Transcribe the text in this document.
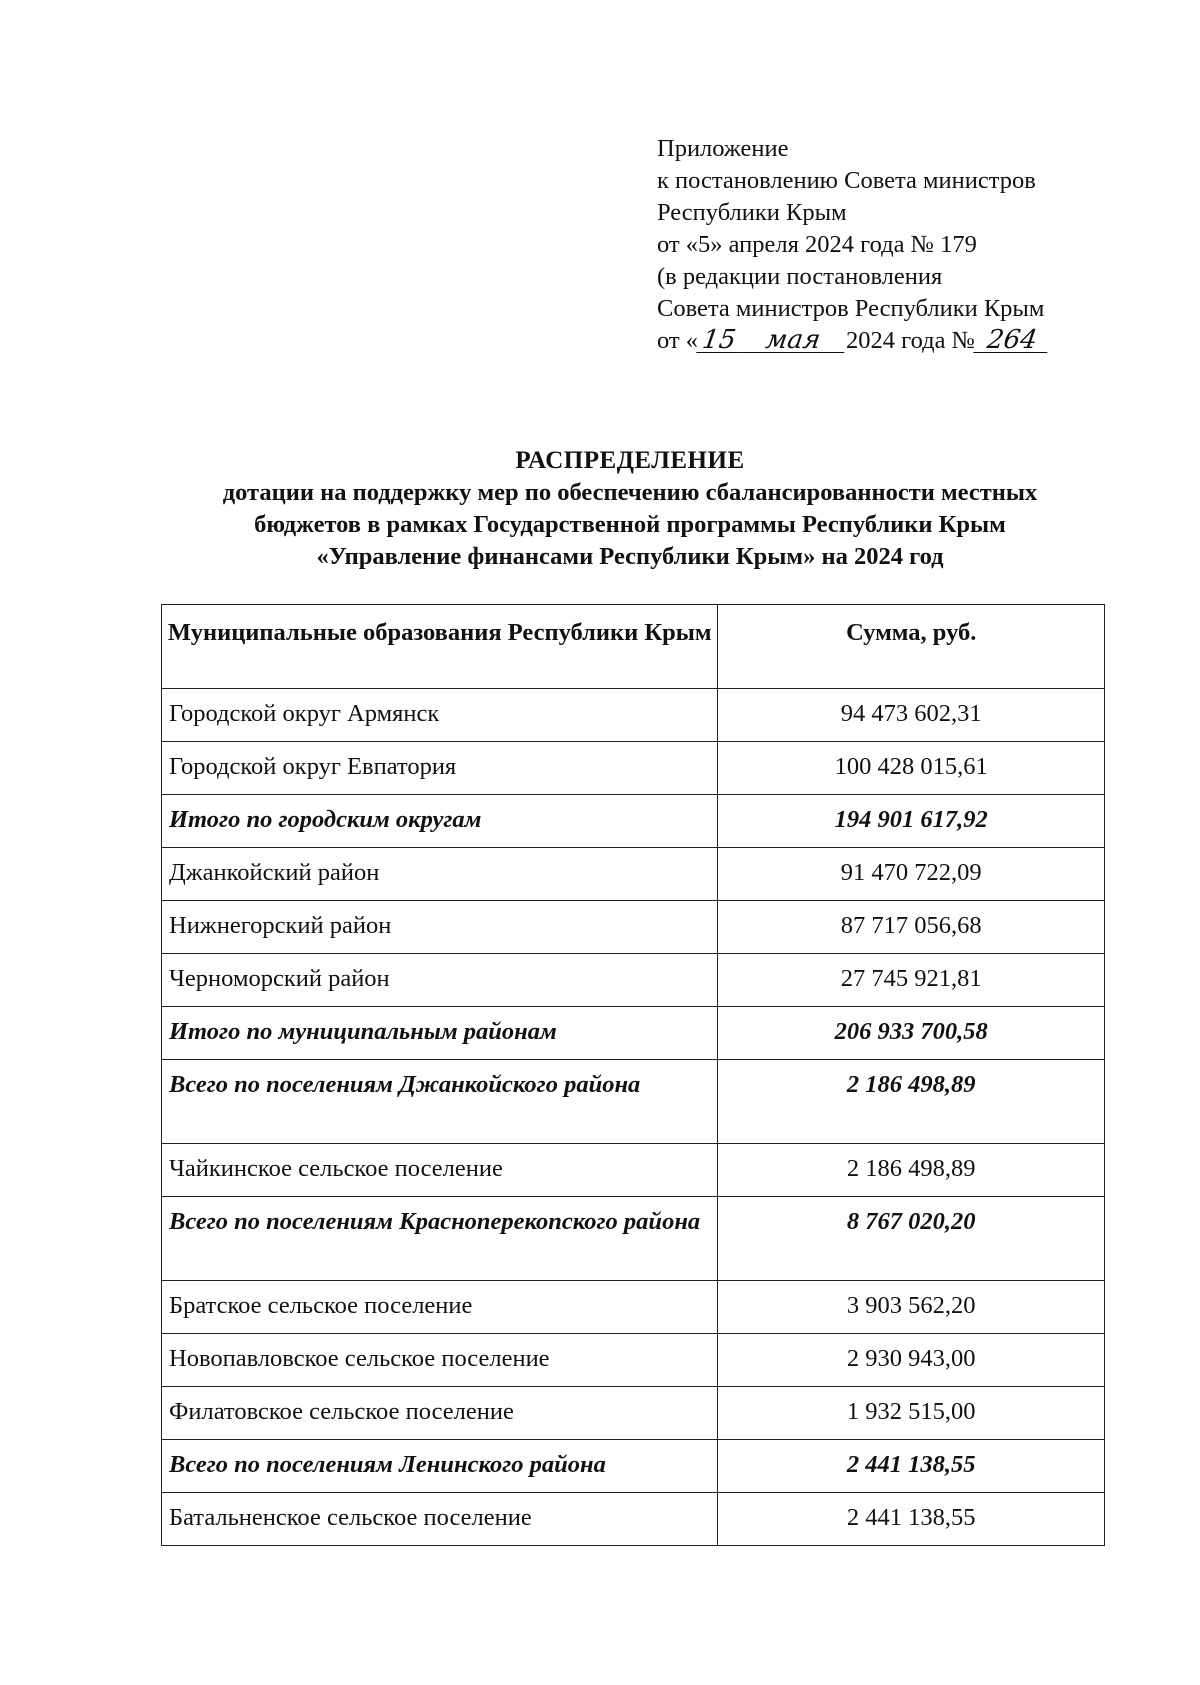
Приложение
к постановлению Совета министров
Республики Крым
от «5» апреля 2024 года № 179
(в редакции постановления
Совета министров Республики Крым
от «15 мая 2024 года № 264
РАСПРЕДЕЛЕНИЕ
дотации на поддержку мер по обеспечению сбалансированности местных
бюджетов в рамках Государственной программы Республики Крым
«Управление финансами Республики Крым» на 2024 год
Муниципальные образования Республики Крым	Сумма, руб.
Городской округ Армянск	94 473 602,31
Городской округ Евпатория	100 428 015,61
Итого по городским округам	194 901 617,92
Джанкойский район	91 470 722,09
Нижнегорский район	87 717 056,68
Черноморский район	27 745 921,81
Итого по муниципальным районам	206 933 700,58
Всего по поселениям Джанкойского района	2 186 498,89
Чайкинское сельское поселение	2 186 498,89
Всего по поселениям Красноперекопского района	8 767 020,20
Братское сельское поселение	3 903 562,20
Новопавловское сельское поселение	2 930 943,00
Филатовское сельское поселение	1 932 515,00
Всего по поселениям Ленинского района	2 441 138,55
Батальненское сельское поселение	2 441 138,55
